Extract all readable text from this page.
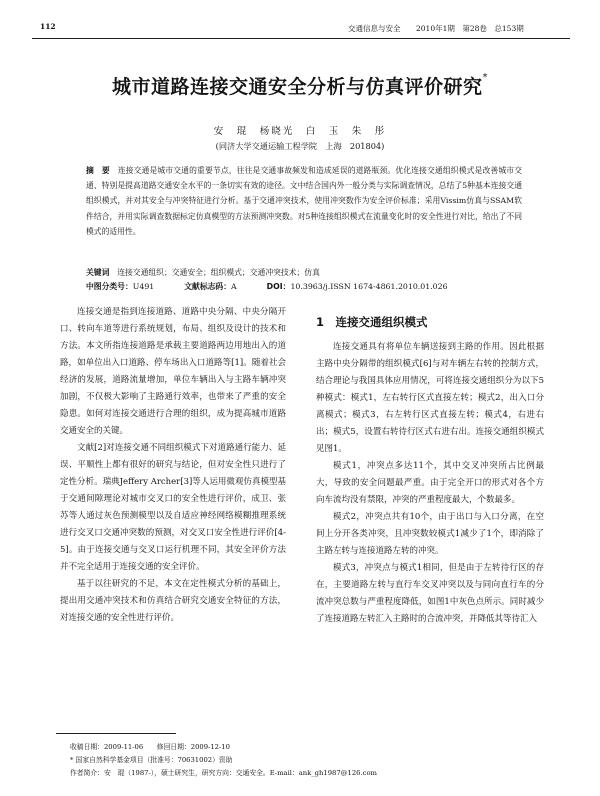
112	交通信息与安全 2010年1期　第28卷　总153期
城市道路连接交通安全分析与仿真评价研究*
安　琨　杨晓光　白　玉　朱　彤
(同济大学交通运输工程学院　上海　201804)
摘　要　 连接交通是城市交通的重要节点，往往是交通事故频发和造成延误的道路瓶颈。优化连接交通组织模式是改善城市交通、特别是提高道路交通安全水平的一条切实有效的途径。文中结合国内外一般分类与实际调查情况，总结了5种基本连接交通组织模式，并对其安全与冲突特征进行分析。基于交通冲突技术，使用冲突数作为安全评价标准；采用Vissim仿真与SSAM软件结合，并用实际调查数据标定仿真模型的方法预测冲突数。对5种连接组织模式在流量变化时的安全性进行对比，给出了不同模式的适用性。
关键词　 连接交通组织；交通安全；组织模式；交通冲突技术；仿真
中图分类号：U491	文献标志码：A	DOI：10.3963/j.ISSN 1674-4861.2010.01.026

连接交通是指到连接道路、道路中央分隔、中央分隔开口、转向车道等进行系统规划，布局、组织及设计的技术和方法。本文所指连接道路是承载主要道路两边用地出入的道路，如单位出入口道路、停车场出入口道路等[1]。随着社会经济的发展，道路流量增加，单位车辆出入与主路车辆冲突加剧，不仅极大影响了主路通行效率，也带来了严重的安全隐患。如何对连接交通进行合理的组织，成为提高城市道路交通安全的关键。

文献[2]对连接交通不同组织模式下对道路通行能力、延误、平顺性上都有很好的研究与结论，但对安全性只进行了定性分析。瑞典Jeffery Archer[3]等人运用微观仿真模型基于交通间隙理论对城市交叉口的安全性进行评价，成卫、张苏等人通过灰色预测模型以及自适应神经网络模糊推理系统进行交叉口交通冲突数的预测，对交叉口安全性进行评价[4-5]。由于连接交通与交叉口运行机理不同，其安全评价方法并不完全适用于连接交通的安全评价。

基于以往研究的不足，本文在定性模式分析的基础上，提出用交通冲突技术和仿真结合研究交通安全特征的方法，对连接交通的安全性进行评价。

1　连接交通组织模式

连接交通具有将单位车辆送接到主路的作用。因此根据主路中央分隔带的组织模式[6]与对车辆左右转的控制方式，结合理论与我国具体应用情况，可将连接交通组织分为以下5种模式：模式1，左右转行区式直接左转；模式2，出入口分离模式；模式3，右左转行区式直接左转；模式4，右进右出；模式5，设置右转待行区式右进右出。连接交通组织模式见图1。

模式1，冲突点多达11个，其中交叉冲突所占比例最大，导致的安全问题最严重。由于完全开口的形式对各个方向车流均没有禁限，冲突的严重程度最大，个数最多。

模式2，冲突点共有10个，由于出口与入口分离，在空间上分开各类冲突，且冲突数较模式1减少了1个，即消除了主路左转与连接道路左转的冲突。

模式3，冲突点与模式1相同，但是由于左转待行区的存在，主要道路左转与直行车交叉冲突以及与同向直行车的分流冲突总数与严重程度降低，如图1中灰色点所示。同时减少了连接道路左转汇入主路时的合流冲突，并降低其等待汇入

收稿日期：2009-11-06　　修回日期：2009-12-10
* 国家自然科学基金项目（批准号：70631002）资助
作者简介：安　琨（1987-），硕士研究生，研究方向：交通安全。E-mail：ank_gh1987@126.com
